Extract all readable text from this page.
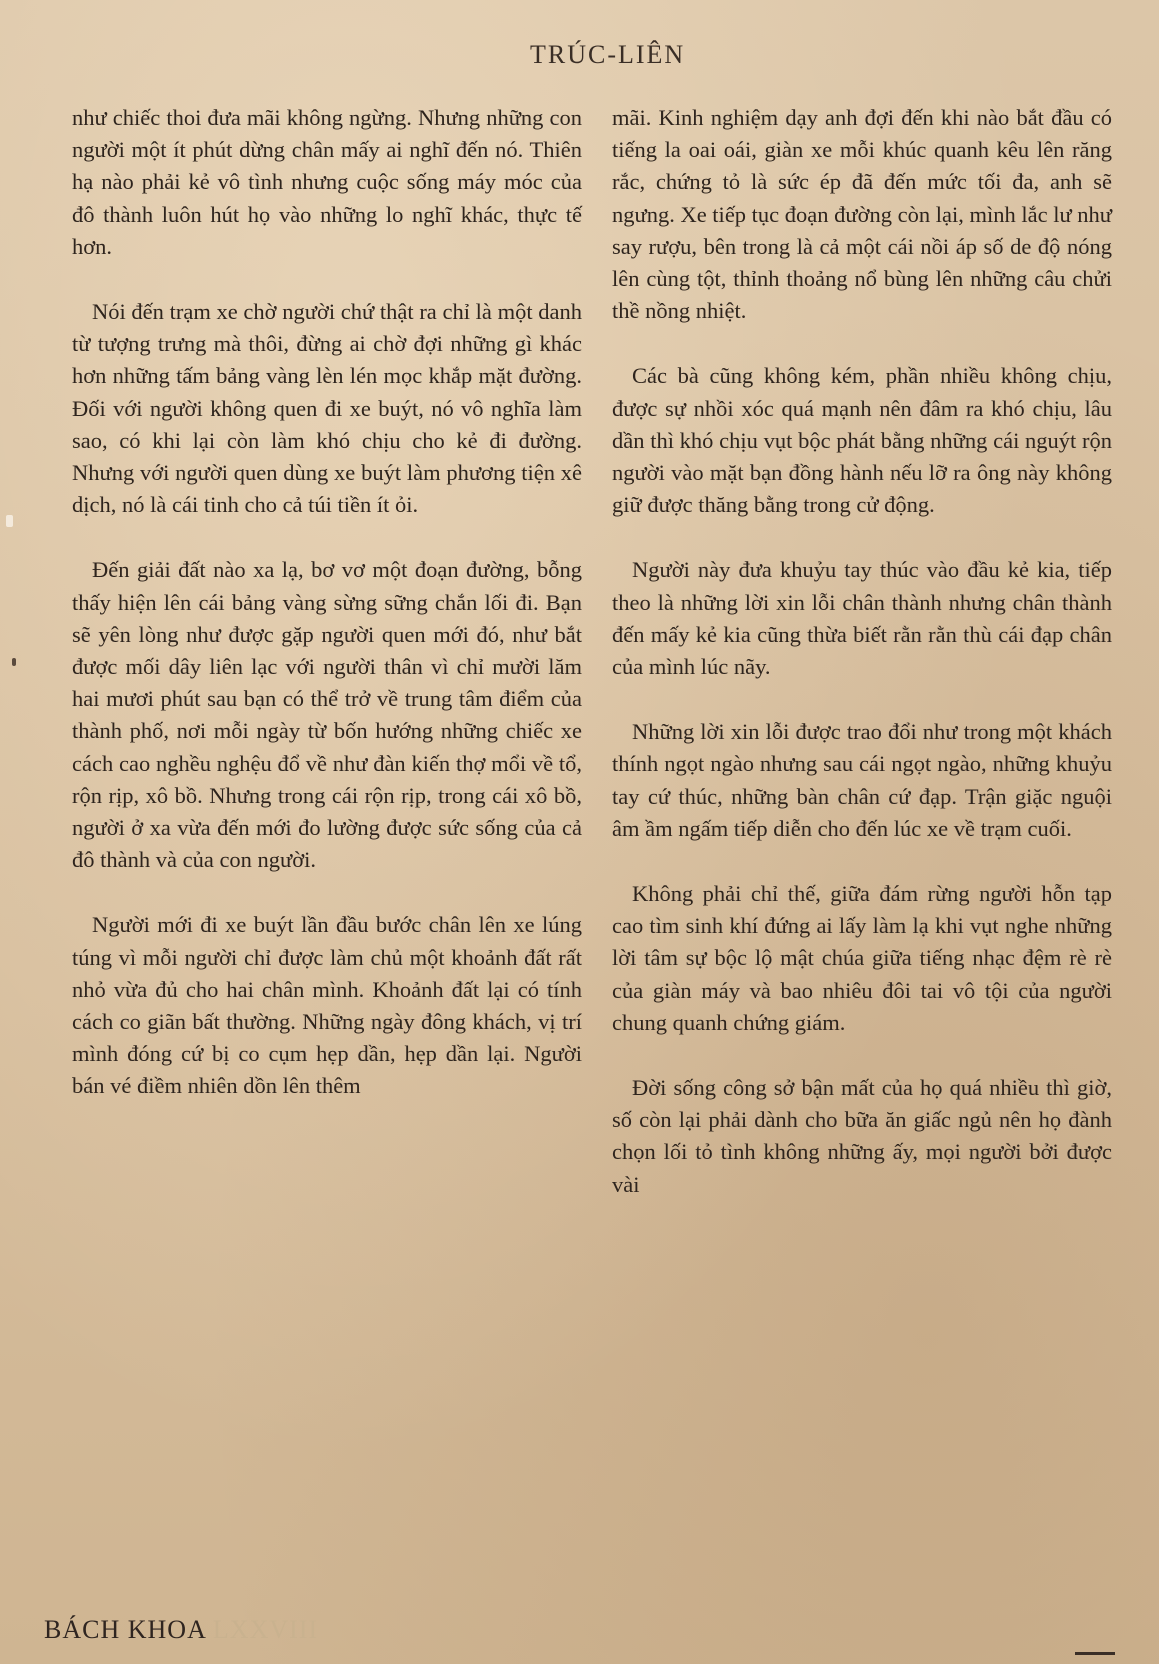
TRÚC-LIÊN

như chiếc thoi đưa mãi không ngừng. Nhưng những con người một ít phút dừng chân mấy ai nghĩ đến nó. Thiên hạ nào phải kẻ vô tình nhưng cuộc sống máy móc của đô thành luôn hút họ vào những lo nghĩ khác, thực tế hơn.

Nói đến trạm xe chờ người chứ thật ra chỉ là một danh từ tượng trưng mà thôi, đừng ai chờ đợi những gì khác hơn những tấm bảng vàng lèn lén mọc khắp mặt đường. Đối với người không quen đi xe buýt, nó vô nghĩa làm sao, có khi lại còn làm khó chịu cho kẻ đi đường. Nhưng với người quen dùng xe buýt làm phương tiện xê dịch, nó là cái tinh cho cả túi tiền ít ỏi.

Đến giải đất nào xa lạ, bơ vơ một đoạn đường, bỗng thấy hiện lên cái bảng vàng sừng sững chắn lối đi. Bạn sẽ yên lòng như được gặp người quen mới đó, như bắt được mối dây liên lạc với người thân vì chỉ mười lăm hai mươi phút sau bạn có thể trở về trung tâm điểm của thành phố, nơi mỗi ngày từ bốn hướng những chiếc xe cách cao nghều nghệu đổ về như đàn kiến thợ mổi về tổ, rộn rịp, xô bồ. Nhưng trong cái rộn rịp, trong cái xô bồ, người ở xa vừa đến mới đo lường được sức sống của cả đô thành và của con người.

Người mới đi xe buýt lần đầu bước chân lên xe lúng túng vì mỗi người chỉ được làm chủ một khoảnh đất rất nhỏ vừa đủ cho hai chân mình. Khoảnh đất lại có tính cách co giãn bất thường. Những ngày đông khách, vị trí mình đóng cứ bị co cụm hẹp dần, hẹp dần lại. Người bán vé điềm nhiên dồn lên thêm

mãi. Kinh nghiệm dạy anh đợi đến khi nào bắt đầu có tiếng la oai oái, giàn xe mỗi khúc quanh kêu lên răng rắc, chứng tỏ là sức ép đã đến mức tối đa, anh sẽ ngưng. Xe tiếp tục đoạn đường còn lại, mình lắc lư như say rượu, bên trong là cả một cái nồi áp số de độ nóng lên cùng tột, thỉnh thoảng nổ bùng lên những câu chửi thề nồng nhiệt.

Các bà cũng không kém, phần nhiều không chịu, được sự nhồi xóc quá mạnh nên đâm ra khó chịu, lâu dần thì khó chịu vụt bộc phát bằng những cái nguýt rộn người vào mặt bạn đồng hành nếu lỡ ra ông này không giữ được thăng bằng trong cử động.

Người này đưa khuỷu tay thúc vào đầu kẻ kia, tiếp theo là những lời xin lỗi chân thành nhưng chân thành đến mấy kẻ kia cũng thừa biết rằn rằn thù cái đạp chân của mình lúc nãy.

Những lời xin lỗi được trao đổi như trong một khách thính ngọt ngào nhưng sau cái ngọt ngào, những khuỷu tay cứ thúc, những bàn chân cứ đạp. Trận giặc nguội âm ầm ngấm tiếp diễn cho đến lúc xe về trạm cuối.

Không phải chỉ thế, giữa đám rừng người hỗn tạp cao tìm sinh khí đứng ai lấy làm lạ khi vụt nghe những lời tâm sự bộc lộ mật chúa giữa tiếng nhạc đệm rè rè của giàn máy và bao nhiêu đôi tai vô tội của người chung quanh chứng giám.

Đời sống công sở bận mất của họ quá nhiều thì giờ, số còn lại phải dành cho bữa ăn giấc ngủ nên họ đành chọn lối tỏ tình không những ấy, mọi người bởi được vài

BÁCH KHOA LXXVIII
